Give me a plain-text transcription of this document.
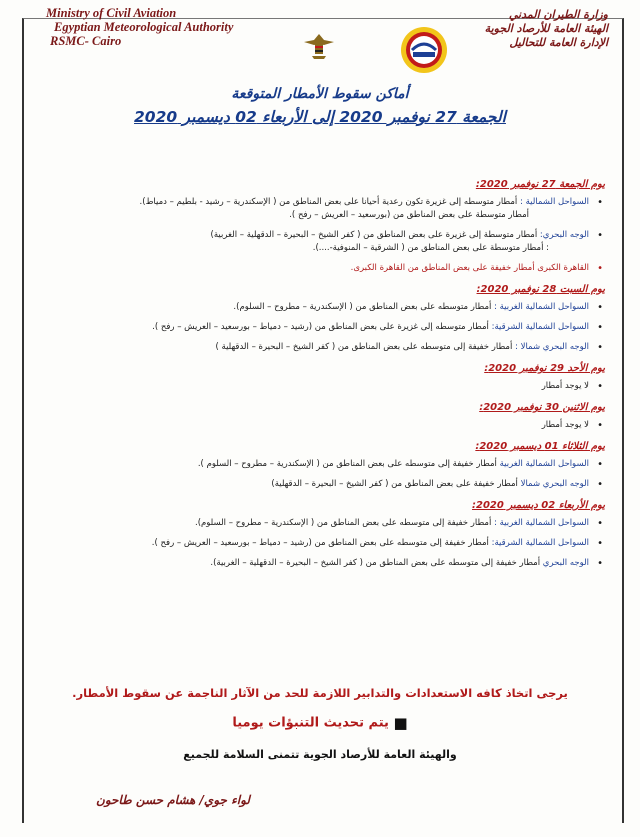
Ministry of Civil Aviation
Egyptian Meteorological Authority
RSMC- Cairo
وزارة الطيران المدني
الهيئة العامة للأرصاد الجوية
الإدارة العامة للتحاليل
أماكن سقوط الأمطار المتوقعة
الجمعة 27 نوفمبر 2020 إلى الأربعاء 02 ديسمبر 2020
يوم الجمعة 27 نوفمبر 2020:
• السواحل الشمالية : أمطار متوسطه إلى غزيرة تكون رعدية أحيانا على بعض المناطق من ( الإسكندرية – رشيد - بلطيم – دمياط).
أمطار متوسطة على بعض المناطق من (بورسعيد – العريش – رفح ).
• الوجه البحري: أمطار متوسطة إلى غزيرة على بعض المناطق من ( كفر الشيخ – البحيرة – الدقهلية – الغربية)
: أمطار متوسطة على بعض المناطق من ( الشرقية – المنوفية-....).
• القاهرة الكبرى أمطار خفيفة على بعض المناطق من القاهرة الكبرى.
يوم السبت 28 نوفمبر 2020:
• السواحل الشمالية الغربية : أمطار متوسطه على بعض المناطق من ( الإسكندرية – مطروح – السلوم).
• السواحل الشمالية الشرقية: أمطار متوسطه إلى غزيرة على بعض المناطق من (رشيد – دمياط – بورسعيد – العريش – رفح ).
• الوجه البحري شمالا : أمطار خفيفة إلى متوسطه على بعض المناطق من ( كفر الشيخ – البحيرة – الدقهلية )
يوم الأحد 29 نوفمبر 2020:
• لا يوجد أمطار
يوم الاثنين 30 نوفمبر 2020:
• لا يوجد أمطار
يوم الثلاثاء 01 ديسمبر 2020:
• السواحل الشمالية الغربية أمطار خفيفة إلى متوسطه على بعض المناطق من ( الإسكندرية – مطروح – السلوم ).
• الوجه البحري شمالا أمطار خفيفة على بعض المناطق من ( كفر الشيخ – البحيرة – الدقهلية)
يوم الأربعاء 02 ديسمبر 2020:
• السواحل الشمالية الغربية : أمطار خفيفة إلى متوسطه على بعض المناطق من ( الإسكندرية – مطروح – السلوم).
• السواحل الشمالية الشرقية: أمطار خفيفة إلى متوسطه على بعض المناطق من (رشيد – دمياط – بورسعيد – العريش – رفح ).
• الوجه البحري أمطار خفيفة إلى متوسطه على بعض المناطق من ( كفر الشيخ – البحيرة – الدقهلية – الغربية).
يرجى اتخاذ كافه الاستعدادات والتدابير اللازمة للحد من الآثار الناجمة عن سقوط الأمطار.
■ يتم تحديث التنبؤات يوميا
والهيئة العامة للأرصاد الجوية تتمنى السلامة للجميع
لواء جوي/ هشام حسن طاحون
